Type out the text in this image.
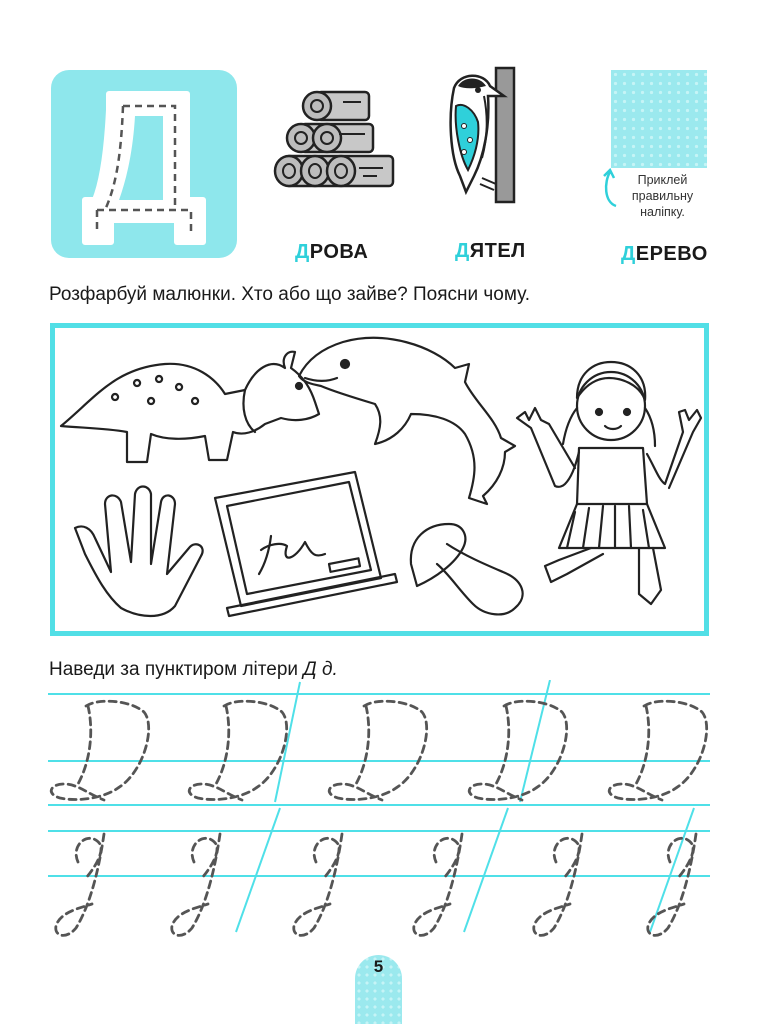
Приклей
правильну
наліпку.
ДРОВА	ДЯТЕЛ	ДЕРЕВО
Розфарбуй малюнки. Хто або що зайве? Поясни чому.
Наведи за пунктиром літери Д д.
5
